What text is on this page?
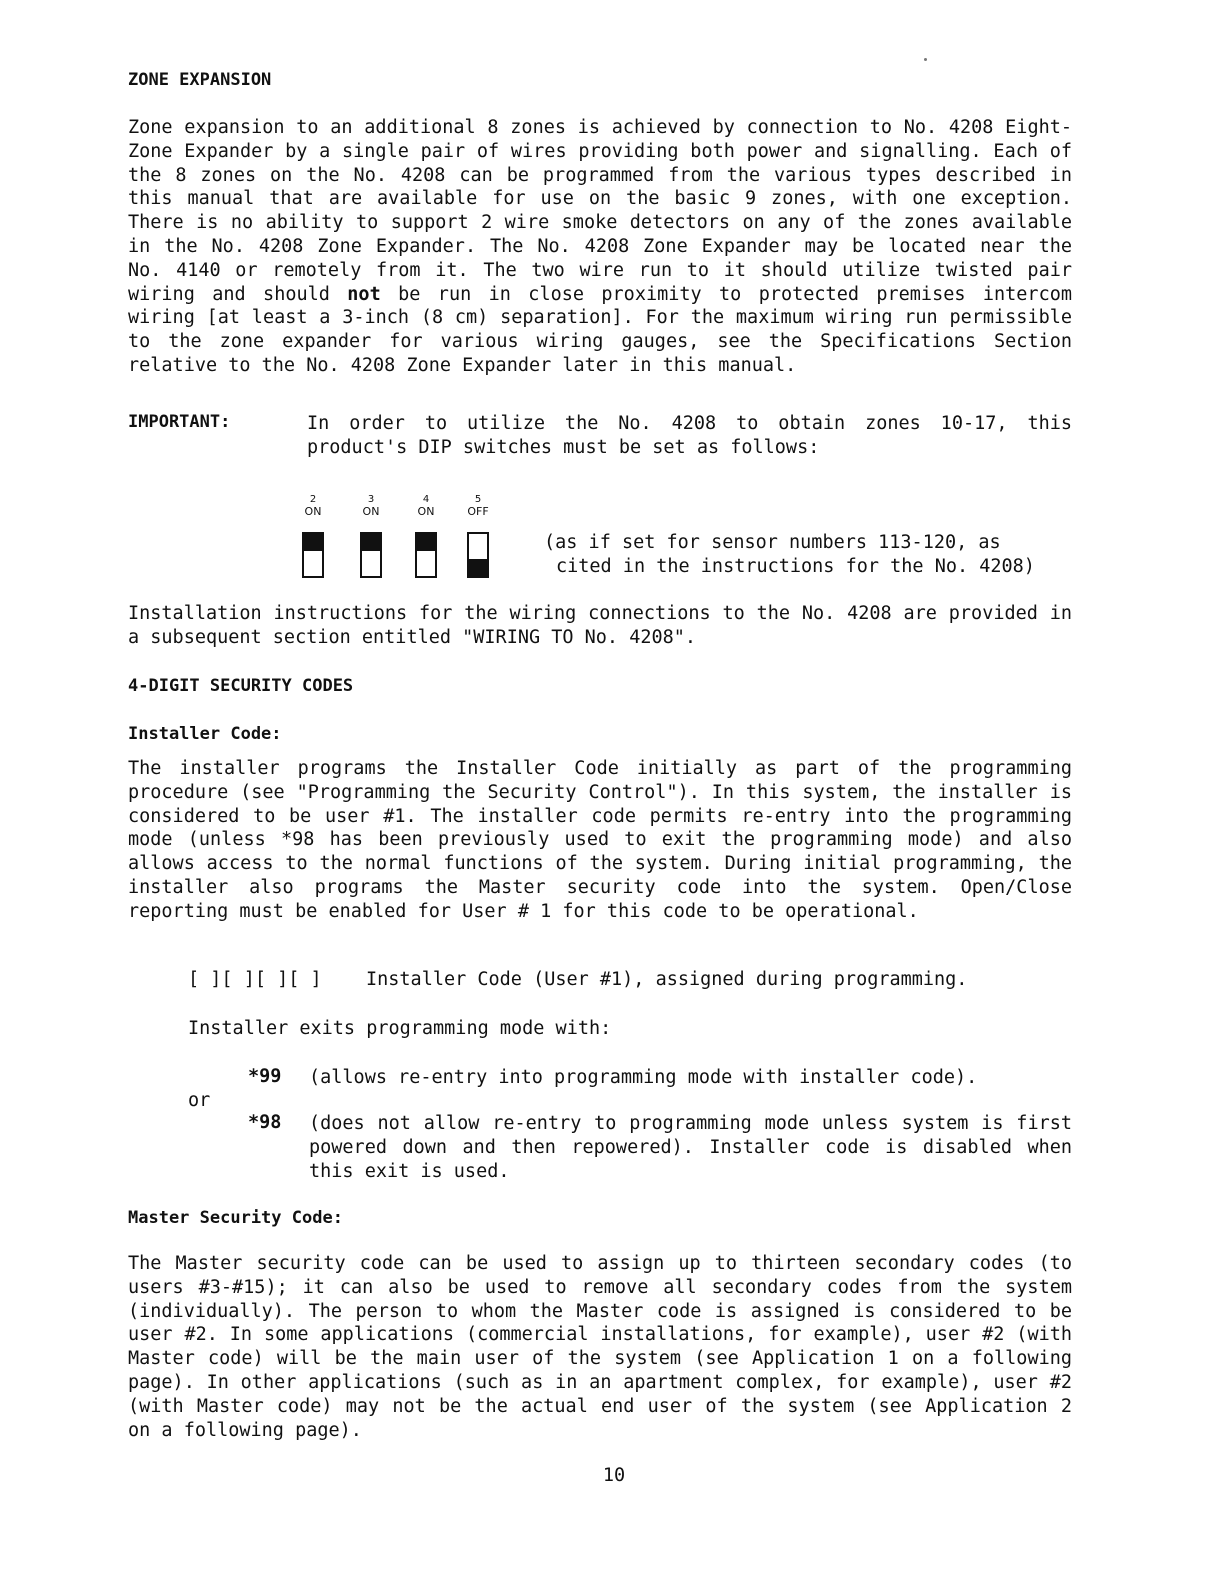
ZONE EXPANSION

Zone expansion to an additional 8 zones is achieved by connection to No. 4208 Eight-Zone Expander by a single pair of wires providing both power and signalling. Each of the 8 zones on the No. 4208 can be programmed from the various types described in this manual that are available for use on the basic 9 zones, with one exception. There is no ability to support 2 wire smoke detectors on any of the zones available in the No. 4208 Zone Expander. The No. 4208 Zone Expander may be located near the No. 4140 or remotely from it. The two wire run to it should utilize twisted pair wiring and should not be run in close proximity to protected premises intercom wiring [at least a 3-inch (8 cm) separation]. For the maximum wiring run permissible to the zone expander for various wiring gauges, see the Specifications Section relative to the No. 4208 Zone Expander later in this manual.

IMPORTANT:	In order to utilize the No. 4208 to obtain zones 10-17, this product's DIP switches must be set as follows:

2
ON
3
ON
4
ON
5
OFF
(as if set for sensor numbers 113-120, as
cited in the instructions for the No. 4208)

Installation instructions for the wiring connections to the No. 4208 are provided in a subsequent section entitled "WIRING TO No. 4208".

4-DIGIT SECURITY CODES
Installer Code:

The installer programs the Installer Code initially as part of the programming procedure (see "Programming the Security Control"). In this system, the installer is considered to be user #1. The installer code permits re-entry into the programming mode (unless *98 has been previously used to exit the programming mode) and also allows access to the normal functions of the system. During initial programming, the installer also programs the Master security code into the system. Open/Close reporting must be enabled for User # 1 for this code to be operational.

[ ][ ][ ][ ] Installer Code (User #1), assigned during programming.
Installer exits programming mode with:
*99 (allows re-entry into programming mode with installer code).

or
*98 (does not allow re-entry to programming mode unless system is first powered down and then repowered). Installer code is disabled when this exit is used.

Master Security Code:

The Master security code can be used to assign up to thirteen secondary codes (to users #3-#15); it can also be used to remove all secondary codes from the system (individually). The person to whom the Master code is assigned is considered to be user #2. In some applications (commercial installations, for example), user #2 (with Master code) will be the main user of the system (see Application 1 on a following page). In other applications (such as in an apartment complex, for example), user #2 (with Master code) may not be the actual end user of the system (see Application 2 on a following page).

10
